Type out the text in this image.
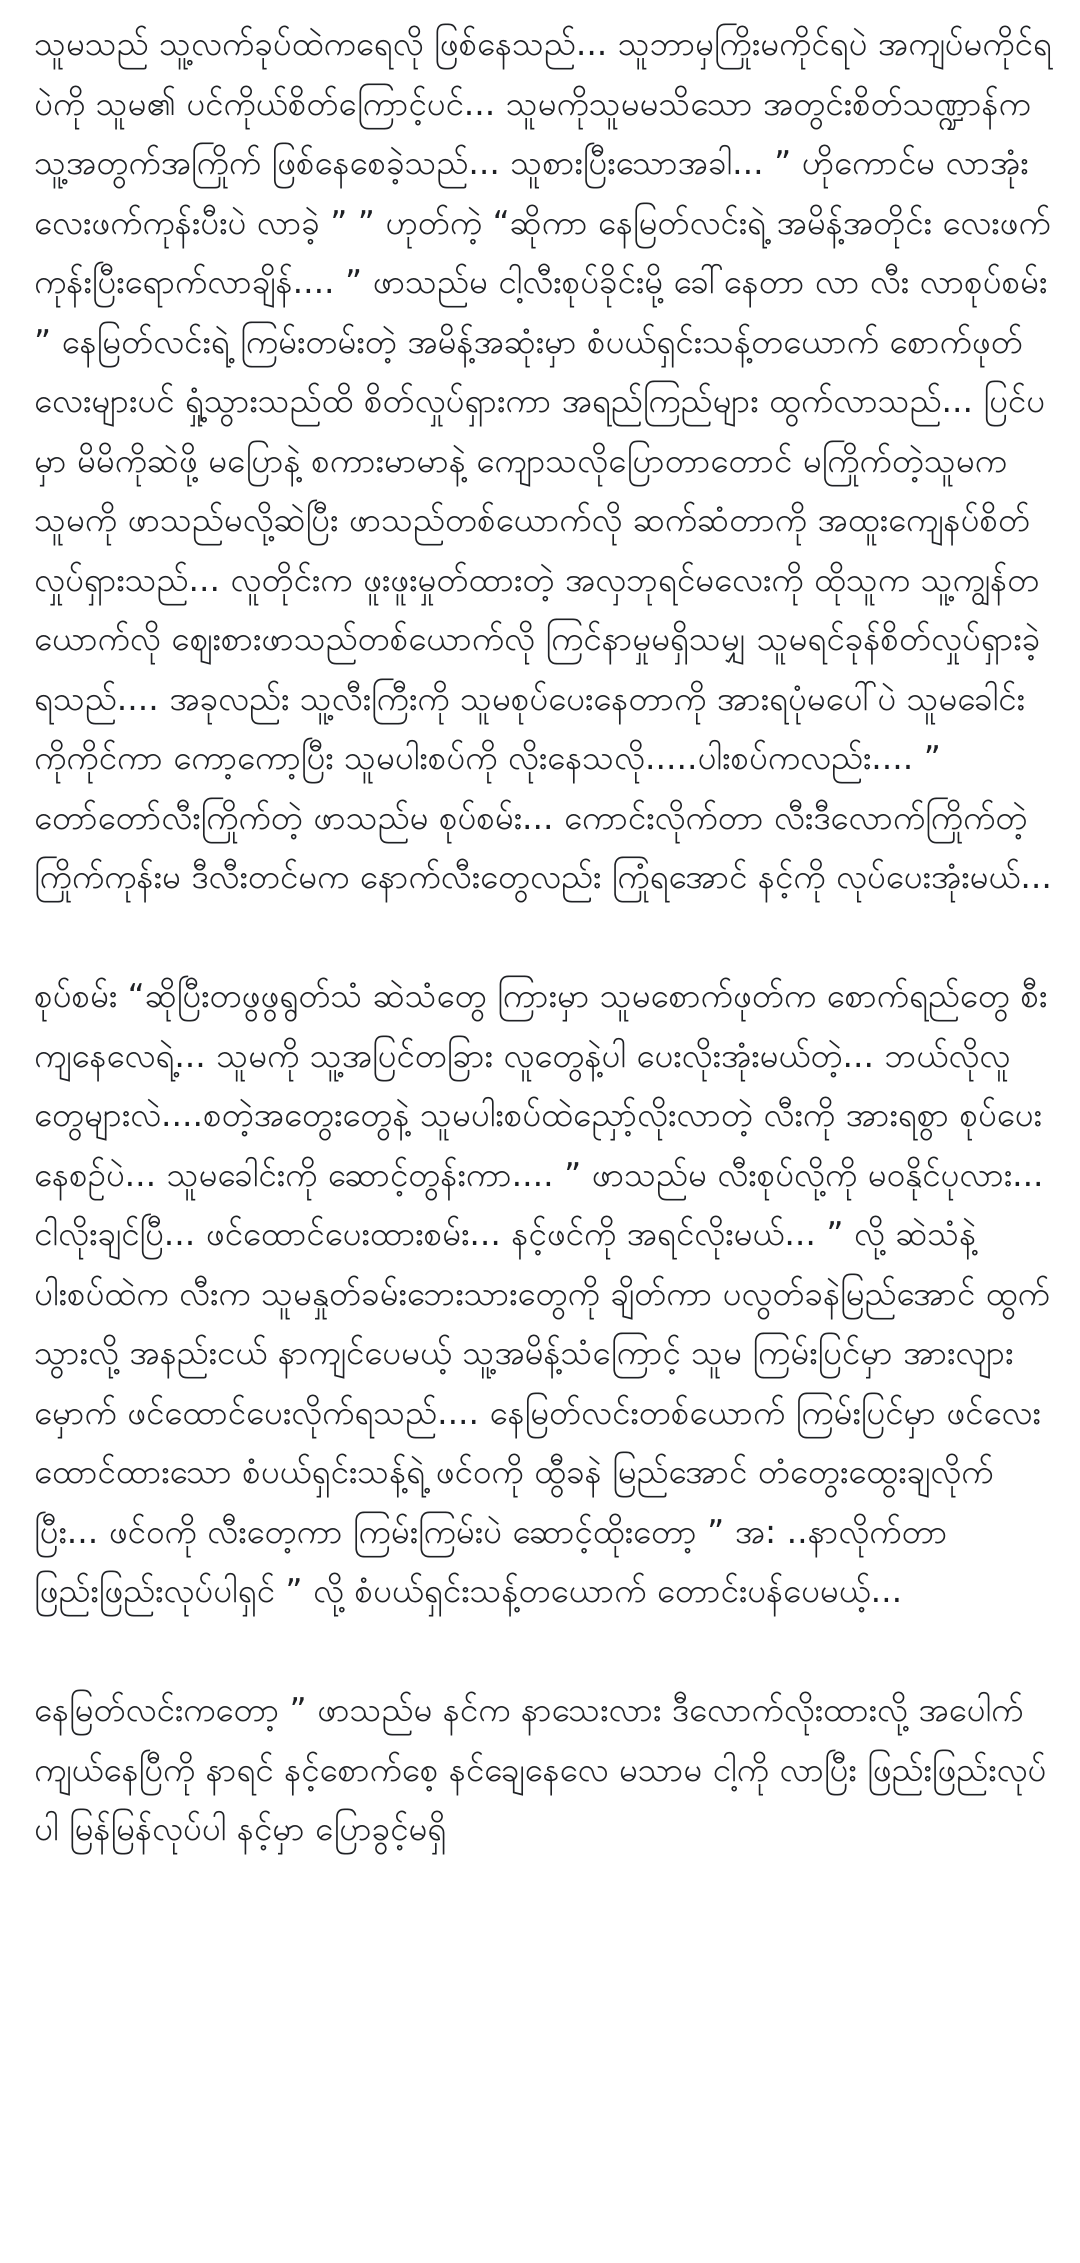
သူမသည် သူ့လက်ခုပ်ထဲကရေလို ဖြစ်နေသည်... သူဘာမှကြိုးမကိုင်ရပဲ အကျပ်မကိုင်ရပဲကို သူမ၏ ပင်ကိုယ်စိတ်ကြောင့်ပင်... သူမကိုသူမမသိသော အတွင်းစိတ်သဏ္ဍာန်က သူ့အတွက်အကြိုက် ဖြစ်နေစေခဲ့သည်... သူစားပြီးသောအခါ... ” ဟိုကောင်မ လာအုံး လေးဖက်ကုန်းပီးပဲ လာခဲ့ ” ” ဟုတ်ကဲ့ “ဆိုကာ နေမြတ်လင်းရဲ့ အမိန့်အတိုင်း လေးဖက်ကုန်းပြီးရောက်လာချိန်.... ” ဖာသည်မ ငါ့လီးစုပ်ခိုင်းမို့ ခေါ်နေတာ လာ လီး လာစုပ်စမ်း ” နေမြတ်လင်းရဲ့ ကြမ်းတမ်းတဲ့ အမိန့်အဆုံးမှာ စံပယ်ရှင်းသန့်တယောက် စောက်ဖုတ်လေးများပင် ရှုံ့သွားသည်ထိ စိတ်လှုပ်ရှားကာ အရည်ကြည်များ ထွက်လာသည်... ပြင်ပမှာ မိမိကိုဆဲဖို့ မပြောနဲ့ စကားမာမာနဲ့ ကျောသလိုပြောတာတောင် မကြိုက်တဲ့သူမက သူမကို ဖာသည်မလို့ဆဲပြီး ဖာသည်တစ်ယောက်လို ဆက်ဆံတာကို အထူးကျေနပ်စိတ်လှုပ်ရှားသည်... လူတိုင်းက ဖူးဖူးမှုတ်ထားတဲ့ အလှဘုရင်မလေးကို ထိုသူက သူ့ကျွန်တယောက်လို ဈေးစားဖာသည်တစ်ယောက်လို ကြင်နာမှုမရှိသမျှ သူမရင်ခုန်စိတ်လှုပ်ရှားခဲ့ရသည်.... အခုလည်း သူ့လီးကြီးကို သူမစုပ်ပေးနေတာကို အားရပုံမပေါ်ပဲ သူမခေါင်းကိုကိုင်ကာ ကော့ကော့ပြီး သူမပါးစပ်ကို လိုးနေသလို.....ပါးစပ်ကလည်း.... ” တော်တော်လီးကြိုက်တဲ့ ဖာသည်မ စုပ်စမ်း... ကောင်းလိုက်တာ လီးဒီလောက်ကြိုက်တဲ့ ကြိုက်ကုန်းမ ဒီလီးတင်မက နောက်လီးတွေလည်း ကြုံရအောင် နင့်ကို လုပ်ပေးအုံးမယ်...

စုပ်စမ်း “ဆိုပြီးတဖွဖွရွတ်သံ ဆဲသံတွေ ကြားမှာ သူမစောက်ဖုတ်က စောက်ရည်တွေ စီးကျနေလေရဲ့... သူမကို သူ့အပြင်တခြား လူတွေနဲ့ပါ ပေးလိုးအုံးမယ်တဲ့... ဘယ်လိုလူတွေများလဲ....စတဲ့အတွေးတွေနဲ့ သူမပါးစပ်ထဲညှော့်လိုးလာတဲ့ လီးကို အားရစွာ စုပ်ပေးနေစဉ်ပဲ... သူမခေါင်းကို ဆောင့်တွန်းကာ.... ” ဖာသည်မ လီးစုပ်လို့ကို မဝနိုင်ပုလား... ငါလိုးချင်ပြီ... ဖင်ထောင်ပေးထားစမ်း... နင့်ဖင်ကို အရင်လိုးမယ်... ” လို့ ဆဲသံနဲ့ ပါးစပ်ထဲက လီးက သူမနှုတ်ခမ်းဘေးသားတွေကို ချိတ်ကာ ပလွတ်ခနဲမြည်အောင် ထွက်သွားလို့ အနည်းငယ် နာကျင်ပေမယ့် သူ့အမိန့်သံကြောင့် သူမ ကြမ်းပြင်မှာ အားလျားမှောက် ဖင်ထောင်ပေးလိုက်ရသည်.... နေမြတ်လင်းတစ်ယောက် ကြမ်းပြင်မှာ ဖင်လေးထောင်ထားသော စံပယ်ရှင်းသန့်ရဲ့ ဖင်ဝကို ထွီခနဲ မြည်အောင် တံတွေးထွေးချလိုက်ပြီး... ဖင်ဝကို လီးတေ့ကာ ကြမ်းကြမ်းပဲ ဆောင့်ထိုးတော့ ” အ: ..နာလိုက်တာ ဖြည်းဖြည်းလုပ်ပါရှင် ” လို့ စံပယ်ရှင်းသန့်တယောက် တောင်းပန်ပေမယ့်...

နေမြတ်လင်းကတော့ ” ဖာသည်မ နင်က နာသေးလား ဒီလောက်လိုးထားလို့ အပေါက်ကျယ်နေပြီကို နာရင် နင့်စောက်စေ့ နင်ချေနေလေ မသာမ ငါ့ကို လာပြီး ဖြည်းဖြည်းလုပ်ပါ မြန်မြန်လုပ်ပါ နင့်မှာ ပြောခွင့်မရှိ
